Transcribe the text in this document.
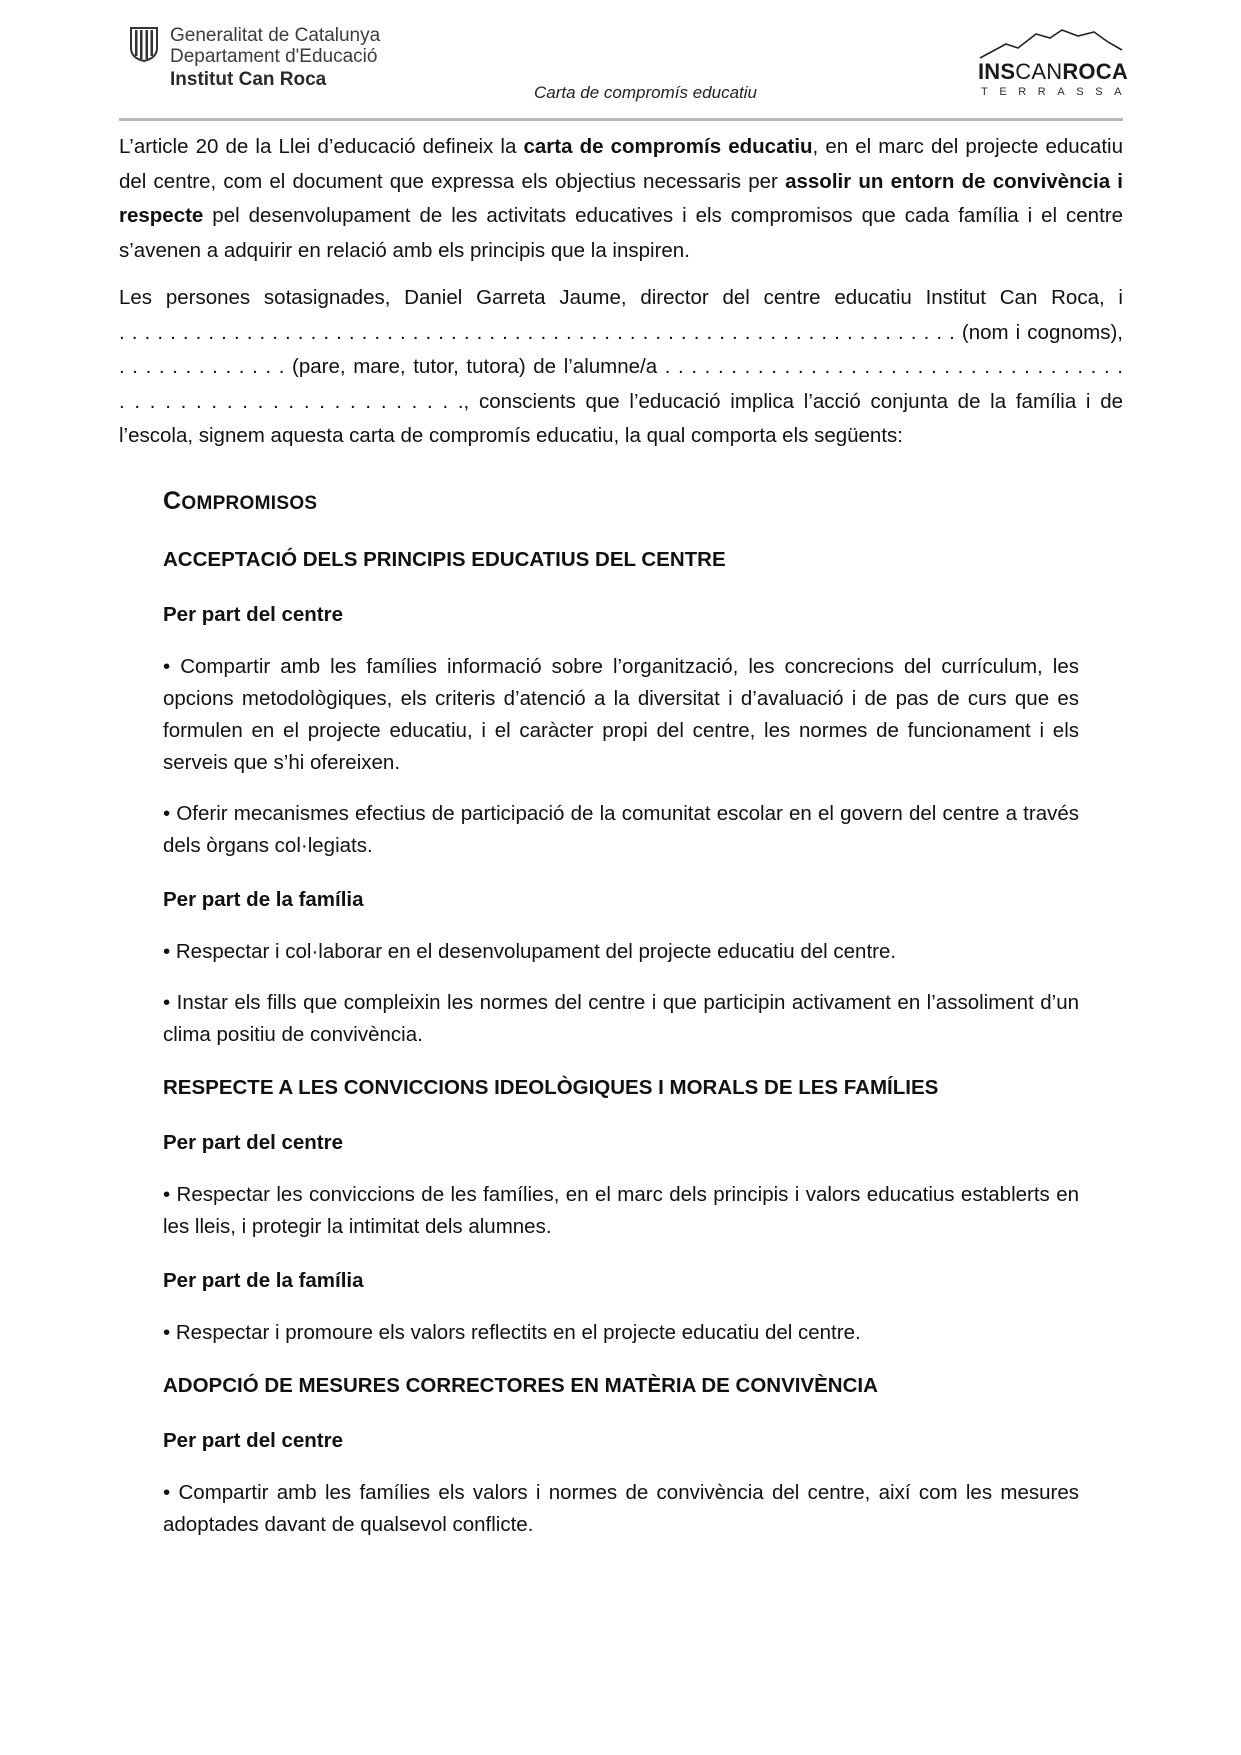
Generalitat de Catalunya
Departament d'Educació
Institut Can Roca
Carta de compromís educatiu
INSCANROCA
TERRASSA

L’article 20 de la Llei d’educació defineix la carta de compromís educatiu, en el marc del projecte educatiu del centre, com el document que expressa els objectius necessaris per assolir un entorn de convivència i respecte pel desenvolupament de les activitats educatives i els compromisos que cada família i el centre s’avenen a adquirir en relació amb els principis que la inspiren.

Les persones sotasignades, Daniel Garreta Jaume, director del centre educatiu Institut Can Roca, i
. . . . . . . . . . . . . . . . . . . . . . . . . . . . . . . . . . . . . . . . . . . . . . . . . . . . . . . . . . . . . . . . . . (nom i cognoms),
. . . . . . . . . . . . . (pare, mare, tutor, tutora) de l’alumne/a . . . . . . . . . . . . . . . . . . . . . . . . . . . . . . . . . . .
. . . . . . . . . . . . . . . . . . . . . . ., conscients que l’educació implica l’acció conjunta de la família i de
l’escola, signem aquesta carta de compromís educatiu, la qual comporta els següents:

COMPROMISOS
ACCEPTACIÓ DELS PRINCIPIS EDUCATIUS DEL CENTRE
Per part del centre

• Compartir amb les famílies informació sobre l’organització, les concrecions del currículum, les opcions metodològiques, els criteris d’atenció a la diversitat i d’avaluació i de pas de curs que es formulen en el projecte educatiu, i el caràcter propi del centre, les normes de funcionament i els serveis que s’hi ofereixen.

• Oferir mecanismes efectius de participació de la comunitat escolar en el govern del centre a través dels òrgans col·legiats.

Per part de la família

• Respectar i col·laborar en el desenvolupament del projecte educatiu del centre.

• Instar els fills que compleixin les normes del centre i que participin activament en l’assoliment d’un clima positiu de convivència.

RESPECTE A LES CONVICCIONS IDEOLÒGIQUES I MORALS DE LES FAMÍLIES
Per part del centre

• Respectar les conviccions de les famílies, en el marc dels principis i valors educatius establerts en les lleis, i protegir la intimitat dels alumnes.

Per part de la família

• Respectar i promoure els valors reflectits en el projecte educatiu del centre.

ADOPCIÓ DE MESURES CORRECTORES EN MATÈRIA DE CONVIVÈNCIA
Per part del centre

• Compartir amb les famílies els valors i normes de convivència del centre, així com les mesures adoptades davant de qualsevol conflicte.
